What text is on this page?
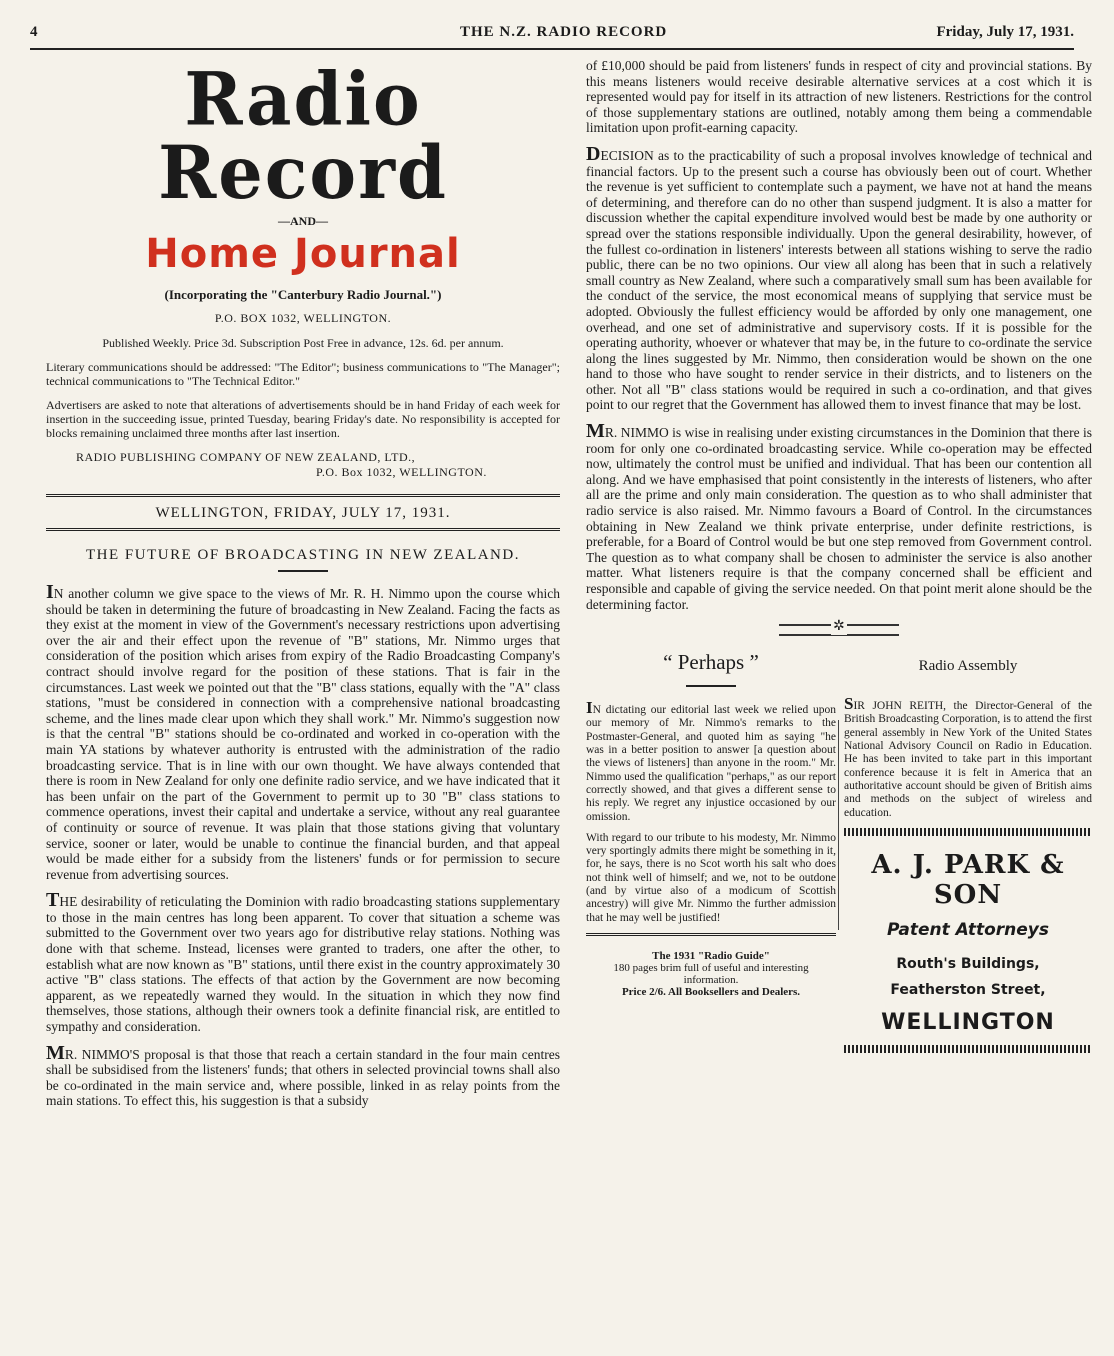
4	THE N.Z. RADIO RECORD	Friday, July 17, 1931.
Radio Record
—AND—
Home Journal
(Incorporating the "Canterbury Radio Journal.")
P.O. BOX 1032, WELLINGTON.

Published Weekly. Price 3d. Subscription Post Free in advance, 12s. 6d. per annum.

Literary communications should be addressed: "The Editor"; business communications to "The Manager"; technical communications to "The Technical Editor."

Advertisers are asked to note that alterations of advertisements should be in hand Friday of each week for insertion in the succeeding issue, printed Tuesday, bearing Friday's date. No responsibility is accepted for blocks remaining unclaimed three months after last insertion.

RADIO PUBLISHING COMPANY OF NEW ZEALAND, LTD.,
P.O. Box 1032, WELLINGTON.
WELLINGTON, FRIDAY, JULY 17, 1931.
THE FUTURE OF BROADCASTING IN NEW ZEALAND.

IN another column we give space to the views of Mr. R. H. Nimmo upon the course which should be taken in determining the future of broadcasting in New Zealand. Facing the facts as they exist at the moment in view of the Government's necessary restrictions upon advertising over the air and their effect upon the revenue of "B" stations, Mr. Nimmo urges that consideration of the position which arises from expiry of the Radio Broadcasting Company's contract should involve regard for the position of these stations. That is fair in the circumstances. Last week we pointed out that the "B" class stations, equally with the "A" class stations, "must be considered in connection with a comprehensive national broadcasting scheme, and the lines made clear upon which they shall work." Mr. Nimmo's suggestion now is that the central "B" stations should be co-ordinated and worked in co-operation with the main YA stations by whatever authority is entrusted with the administration of the radio broadcasting service. That is in line with our own thought. We have always contended that there is room in New Zealand for only one definite radio service, and we have indicated that it has been unfair on the part of the Government to permit up to 30 "B" class stations to commence operations, invest their capital and undertake a service, without any real guarantee of continuity or source of revenue. It was plain that those stations giving that voluntary service, sooner or later, would be unable to continue the financial burden, and that appeal would be made either for a subsidy from the listeners' funds or for permission to secure revenue from advertising sources.

THE desirability of reticulating the Dominion with radio broadcasting stations supplementary to those in the main centres has long been apparent. To cover that situation a scheme was submitted to the Government over two years ago for distributive relay stations. Nothing was done with that scheme. Instead, licenses were granted to traders, one after the other, to establish what are now known as "B" stations, until there exist in the country approximately 30 active "B" class stations. The effects of that action by the Government are now becoming apparent, as we repeatedly warned they would. In the situation in which they now find themselves, those stations, although their owners took a definite financial risk, are entitled to sympathy and consideration.

MR. NIMMO'S proposal is that those that reach a certain standard in the four main centres shall be subsidised from the listeners' funds; that others in selected provincial towns shall also be co-ordinated in the main service and, where possible, linked in as relay points from the main stations. To effect this, his suggestion is that a subsidy

of £10,000 should be paid from listeners' funds in respect of city and provincial stations. By this means listeners would receive desirable alternative services at a cost which it is represented would pay for itself in its attraction of new listeners. Restrictions for the control of those supplementary stations are outlined, notably among them being a commendable limitation upon profit-earning capacity.

DECISION as to the practicability of such a proposal involves knowledge of technical and financial factors. Up to the present such a course has obviously been out of court. Whether the revenue is yet sufficient to contemplate such a payment, we have not at hand the means of determining, and therefore can do no other than suspend judgment. It is also a matter for discussion whether the capital expenditure involved would best be made by one authority or spread over the stations responsible individually. Upon the general desirability, however, of the fullest co-ordination in listeners' interests between all stations wishing to serve the radio public, there can be no two opinions. Our view all along has been that in such a relatively small country as New Zealand, where such a comparatively small sum has been available for the conduct of the service, the most economical means of supplying that service must be adopted. Obviously the fullest efficiency would be afforded by only one management, one overhead, and one set of administrative and supervisory costs. If it is possible for the operating authority, whoever or whatever that may be, in the future to co-ordinate the service along the lines suggested by Mr. Nimmo, then consideration would be shown on the one hand to those who have sought to render service in their districts, and to listeners on the other. Not all "B" class stations would be required in such a co-ordination, and that gives point to our regret that the Government has allowed them to invest finance that may be lost.

MR. NIMMO is wise in realising under existing circumstances in the Dominion that there is room for only one co-ordinated broadcasting service. While co-operation may be effected now, ultimately the control must be unified and individual. That has been our contention all along. And we have emphasised that point consistently in the interests of listeners, who after all are the prime and only main consideration. The question as to who shall administer that radio service is also raised. Mr. Nimmo favours a Board of Control. In the circumstances obtaining in New Zealand we think private enterprise, under definite restrictions, is preferable, for a Board of Control would be but one step removed from Government control. The question as to what company shall be chosen to administer the service is also another matter. What listeners require is that the company concerned shall be efficient and responsible and capable of giving the service needed. On that point merit alone should be the determining factor.

✲
“ Perhaps ”

IN dictating our editorial last week we relied upon our memory of Mr. Nimmo's remarks to the Postmaster-General, and quoted him as saying "he was in a better position to answer [a question about the views of listeners] than anyone in the room." Mr. Nimmo used the qualification "perhaps," as our report correctly showed, and that gives a different sense to his reply. We regret any injustice occasioned by our omission.

With regard to our tribute to his modesty, Mr. Nimmo very sportingly admits there might be something in it, for, he says, there is no Scot worth his salt who does not think well of himself; and we, not to be outdone (and by virtue also of a modicum of Scottish ancestry) will give Mr. Nimmo the further admission that he may well be justified!

The 1931 "Radio Guide"
180 pages brim full of useful and interesting information.
Price 2/6. All Booksellers and Dealers.
Radio Assembly

SIR JOHN REITH, the Director-General of the British Broadcasting Corporation, is to attend the first general assembly in New York of the United States National Advisory Council on Radio in Education. He has been invited to take part in this important conference because it is felt in America that an authoritative account should be given of British aims and methods on the subject of wireless and education.

A. J. PARK & SON
Patent Attorneys
Routh's Buildings,
Featherston Street,
WELLINGTON
